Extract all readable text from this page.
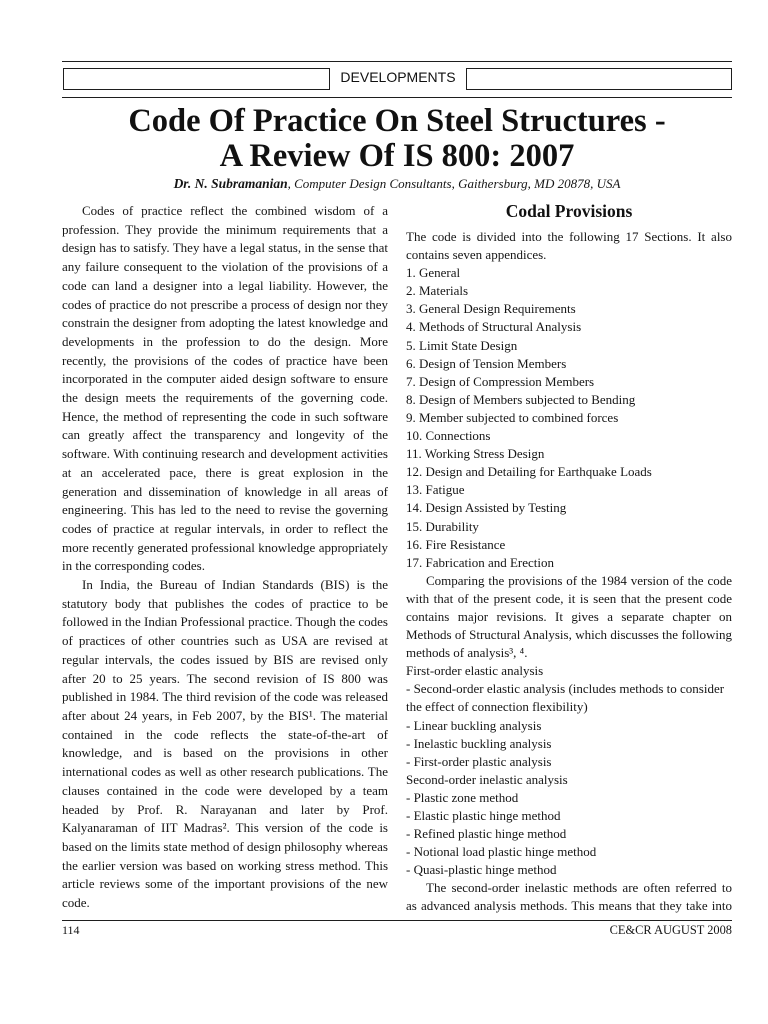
DEVELOPMENTS
Code Of Practice On Steel Structures -
A Review Of IS 800: 2007
Dr. N. Subramanian, Computer Design Consultants, Gaithersburg, MD 20878, USA

Codes of practice reflect the combined wisdom of a profession. They provide the minimum requirements that a design has to satisfy. They have a legal status, in the sense that any failure consequent to the violation of the provisions of a code can land a designer into a legal liability. However, the codes of practice do not prescribe a process of design nor they constrain the designer from adopting the latest knowledge and developments in the profession to do the design. More recently, the provisions of the codes of practice have been incorporated in the computer aided design software to ensure the design meets the requirements of the governing code. Hence, the method of representing the code in such software can greatly affect the transparency and longevity of the software. With continuing research and development activities at an accelerated pace, there is great explosion in the generation and dissemination of knowledge in all areas of engineering. This has led to the need to revise the governing codes of practice at regular intervals, in order to reflect the more recently generated professional knowledge appropriately in the corresponding codes.

In India, the Bureau of Indian Standards (BIS) is the statutory body that publishes the codes of practice to be followed in the Indian Professional practice. Though the codes of practices of other countries such as USA are revised at regular intervals, the codes issued by BIS are revised only after 20 to 25 years. The second revision of IS 800 was published in 1984. The third revision of the code was released after about 24 years, in Feb 2007, by the BIS¹. The material contained in the code reflects the state-of-the-art of knowledge, and is based on the provisions in other international codes as well as other research publications. The clauses contained in the code were developed by a team headed by Prof. R. Narayanan and later by Prof. Kalyanaraman of IIT Madras². This version of the code is based on the limits state method of design philosophy whereas the earlier version was based on working stress method. This article reviews some of the important provisions of the new code.

Codal Provisions

The code is divided into the following 17 Sections. It also contains seven appendices.

1. General
2. Materials
3. General Design Requirements
4. Methods of Structural Analysis
5. Limit State Design
6. Design of Tension Members
7. Design of Compression Members
8. Design of Members subjected to Bending
9. Member subjected to combined forces
10. Connections
11. Working Stress Design
12. Design and Detailing for Earthquake Loads
13. Fatigue
14. Design Assisted by Testing
15. Durability
16. Fire Resistance
17. Fabrication and Erection

Comparing the provisions of the 1984 version of the code with that of the present code, it is seen that the present code contains major revisions. It gives a separate chapter on Methods of Structural Analysis, which discusses the following methods of analysis³, ⁴.

First-order elastic analysis
- Second-order elastic analysis (includes methods to consider the effect of connection flexibility)
- Linear buckling analysis
- Inelastic buckling analysis
- First-order plastic analysis
Second-order inelastic analysis
- Plastic zone method
- Elastic plastic hinge method
- Refined plastic hinge method
- Notional load plastic hinge method
- Quasi-plastic hinge method

The second-order inelastic methods are often referred to as advanced analysis methods. This means that they take into

114	CE&CR AUGUST 2008
